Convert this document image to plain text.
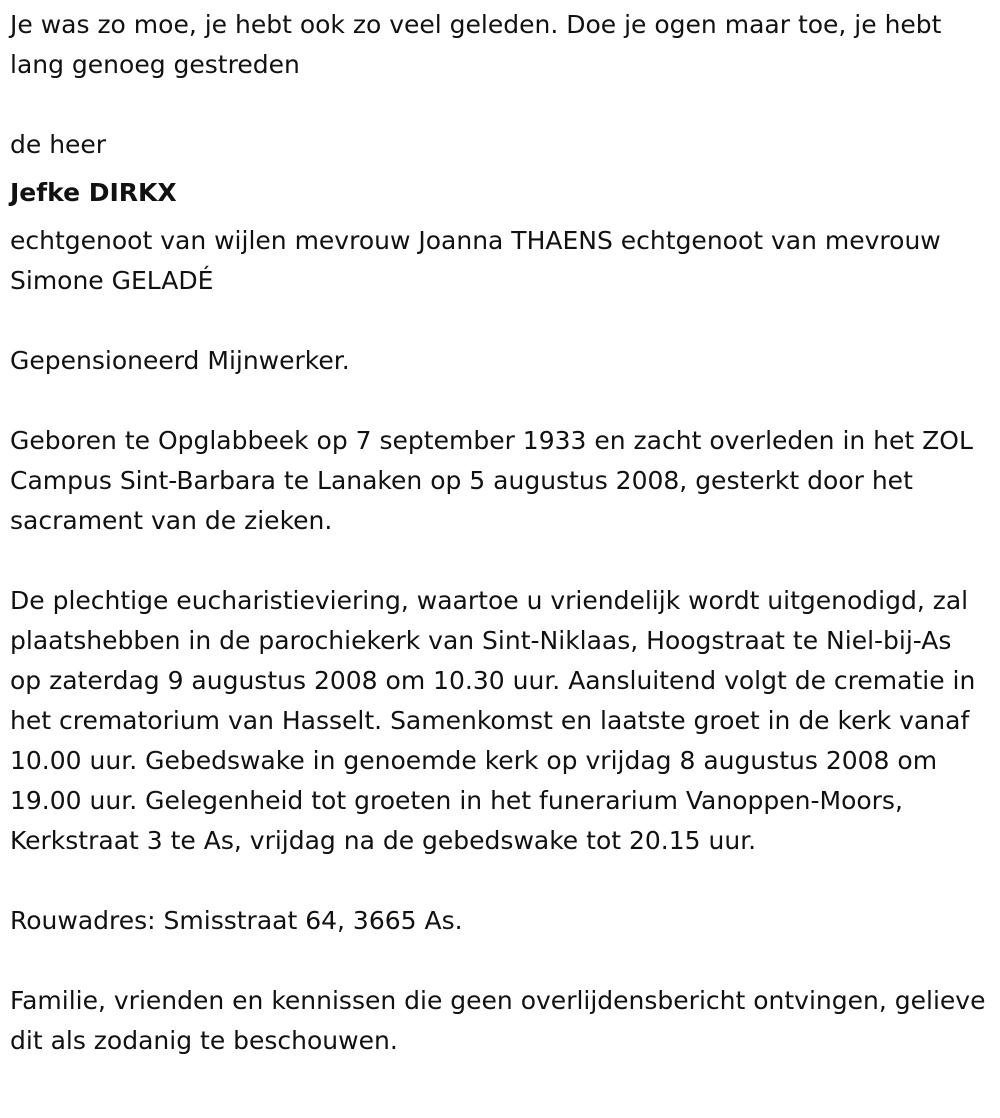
Je was zo moe, je hebt ook zo veel geleden. Doe je ogen maar toe, je hebt lang genoeg gestreden

de heer

Jefke DIRKX

echtgenoot van wijlen mevrouw Joanna THAENS echtgenoot van mevrouw Simone GELADÉ

Gepensioneerd Mijnwerker.

Geboren te Opglabbeek op 7 september 1933 en zacht overleden in het ZOL Campus Sint-Barbara te Lanaken op 5 augustus 2008, gesterkt door het sacrament van de zieken.

De plechtige eucharistieviering, waartoe u vriendelijk wordt uitgenodigd, zal plaatshebben in de parochiekerk van Sint-Niklaas, Hoogstraat te Niel-bij-As op zaterdag 9 augustus 2008 om 10.30 uur. Aansluitend volgt de crematie in het crematorium van Hasselt. Samenkomst en laatste groet in de kerk vanaf 10.00 uur. Gebedswake in genoemde kerk op vrijdag 8 augustus 2008 om 19.00 uur. Gelegenheid tot groeten in het funerarium Vanoppen-Moors, Kerkstraat 3 te As, vrijdag na de gebedswake tot 20.15 uur.

Rouwadres: Smisstraat 64, 3665 As.

Familie, vrienden en kennissen die geen overlijdensbericht ontvingen, gelieve dit als zodanig te beschouwen.
